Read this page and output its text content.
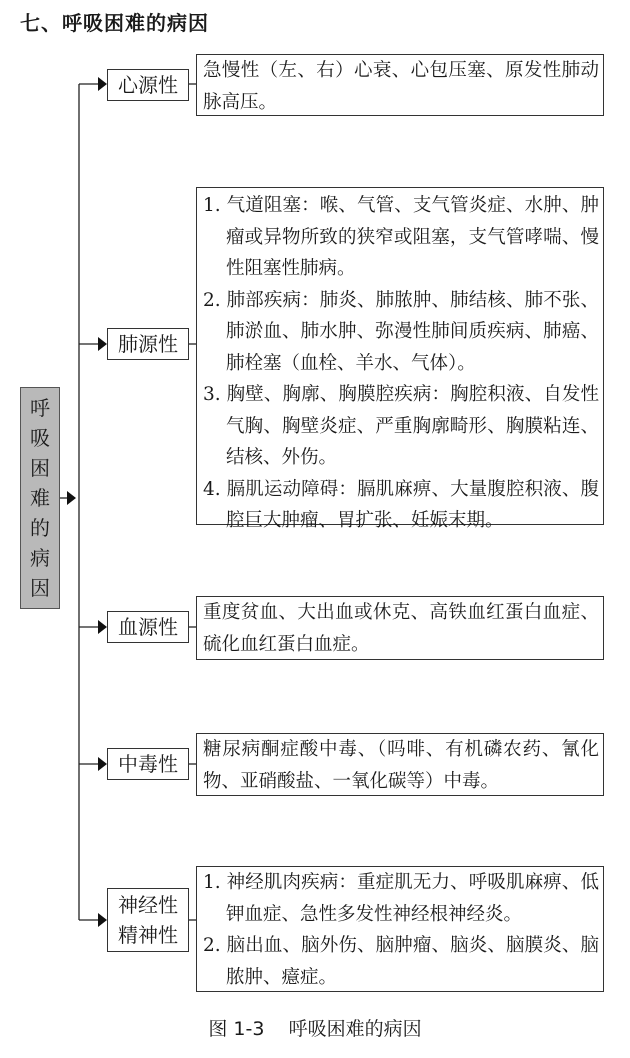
七、呼吸困难的病因
呼
吸
困
难
的
病
因
心源性
急慢性（左、右）心衰、心包压塞、原发性肺动脉高压。
肺源性
1. 气道阻塞：喉、气管、支气管炎症、水肿、肿瘤或异物所致的狭窄或阻塞，支气管哮喘、慢性阻塞性肺病。
2. 肺部疾病：肺炎、肺脓肿、肺结核、肺不张、肺淤血、肺水肿、弥漫性肺间质疾病、肺癌、肺栓塞（血栓、羊水、气体）。
3. 胸壁、胸廓、胸膜腔疾病：胸腔积液、自发性气胸、胸壁炎症、严重胸廓畸形、胸膜粘连、结核、外伤。
4. 膈肌运动障碍：膈肌麻痹、大量腹腔积液、腹腔巨大肿瘤、胃扩张、妊娠末期。
血源性
重度贫血、大出血或休克、高铁血红蛋白血症、硫化血红蛋白血症。
中毒性
糖尿病酮症酸中毒、（吗啡、有机磷农药、氰化物、亚硝酸盐、一氧化碳等）中毒。
神经性
精神性
1. 神经肌肉疾病：重症肌无力、呼吸肌麻痹、低钾血症、急性多发性神经根神经炎。
2. 脑出血、脑外伤、脑肿瘤、脑炎、脑膜炎、脑脓肿、癔症。
图 1-3    呼吸困难的病因
